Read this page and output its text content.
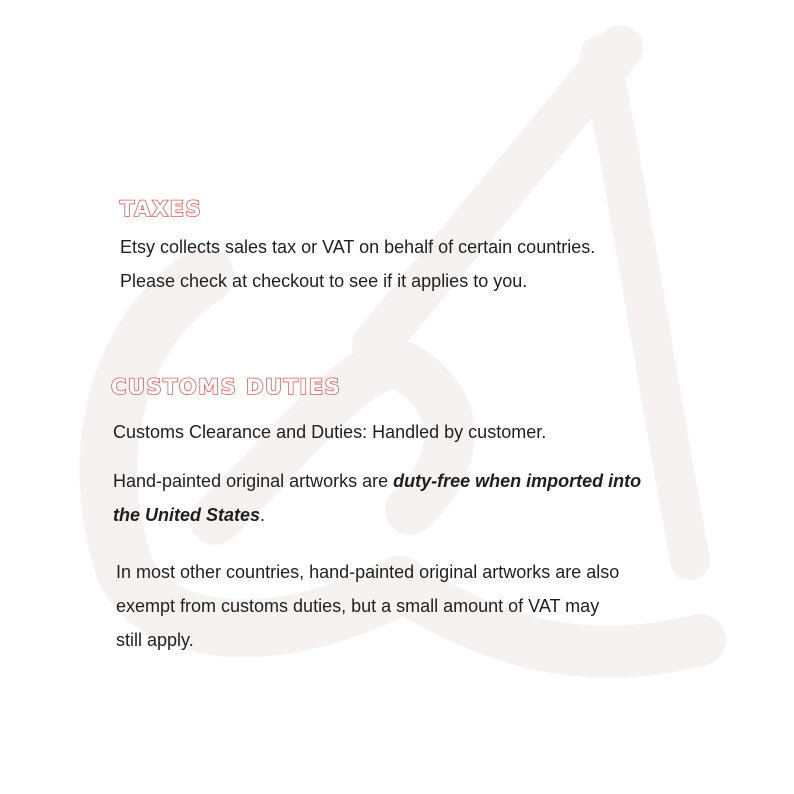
TAXES

Etsy collects sales tax or VAT on behalf of certain countries.
Please check at checkout to see if it applies to you.

CUSTOMS DUTIES

Customs Clearance and Duties: Handled by customer.

Hand-painted original artworks are duty-free when imported into
the United States.

In most other countries, hand-painted original artworks are also
exempt from customs duties, but a small amount of VAT may
still apply.
